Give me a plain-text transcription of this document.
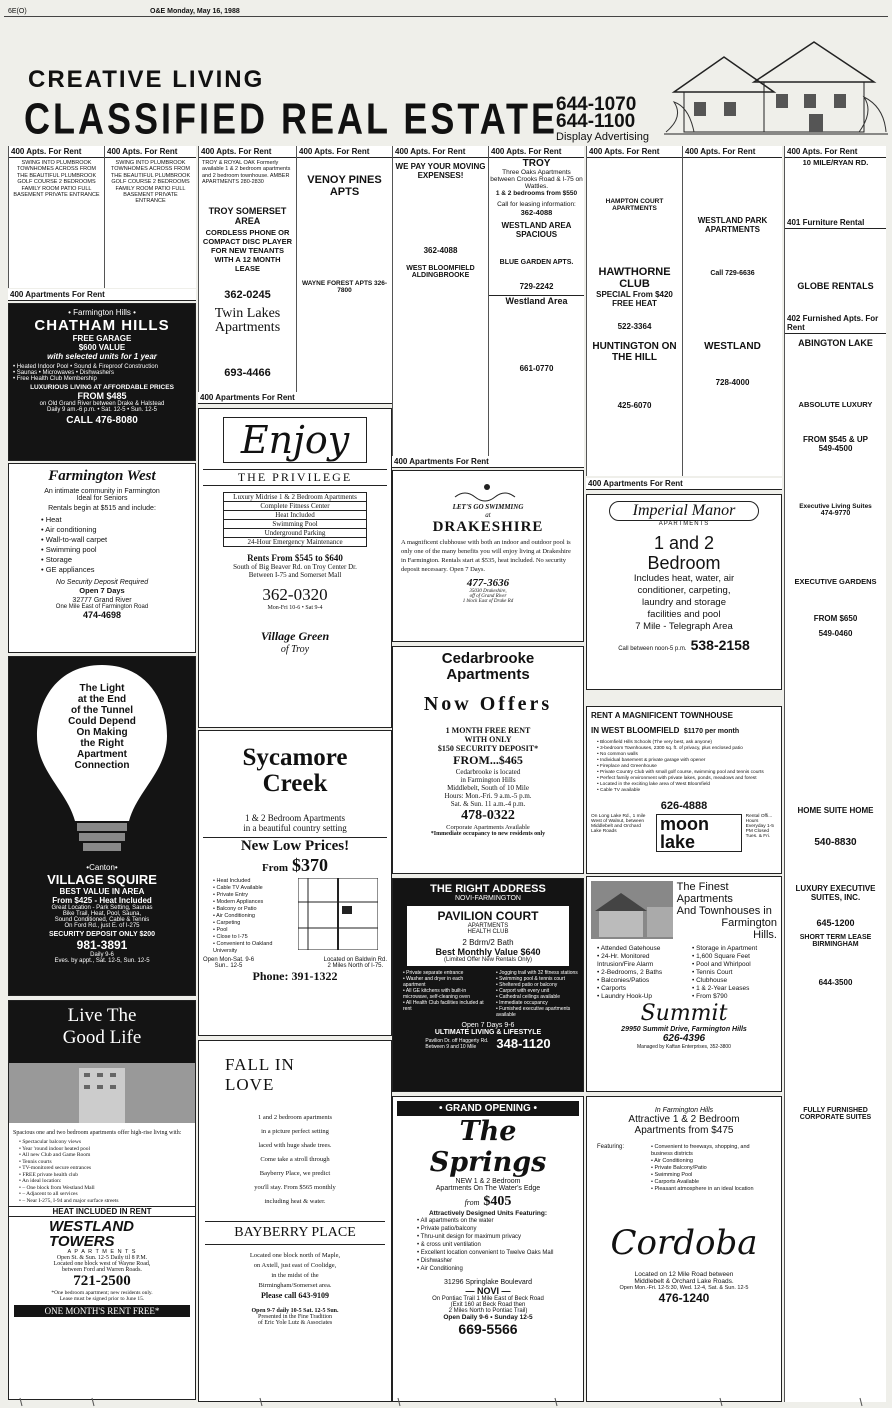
6E(O)	O&E Monday, May 16, 1988
CREATIVE LIVING
CLASSIFIED REAL ESTATE
644-1070
644-1100
Display Advertising
400 Apts. For Rent
SWING INTO PLUMBROOK TOWNHOMES ACROSS FROM THE BEAUTIFUL PLUMBROOK GOLF COURSE 2 BEDROOMS FAMILY ROOM PATIO FULL BASEMENT PRIVATE ENTRANCE
400 Apts. For Rent
SWING INTO PLUMBROOK TOWNHOMES ACROSS FROM THE BEAUTIFUL PLUMBROOK GOLF COURSE 2 BEDROOMS FAMILY ROOM PATIO FULL BASEMENT PRIVATE ENTRANCE
400 Apartments For Rent
• Farmington Hills •
CHATHAM HILLS
FREE GARAGE
$600 VALUE
with selected units for 1 year
• Heated Indoor Pool • Sound & Fireproof Construction
• Saunas • Microwaves • Dishwashers
• Free Health Club Membership
LUXURIOUS LIVING AT AFFORDABLE PRICES
FROM $485
on Old Grand River between Drake & Halstead
Daily 9 am.-6 p.m. • Sat. 12-5 • Sun. 12-5
CALL 476-8080
Farmington West
An intimate community in Farmington
Ideal for Seniors
Rentals begin at $515 and include:
• Heat
• Air conditioning
• Wall-to-wall carpet
• Swimming pool
• Storage
• GE appliances
No Security Deposit Required
Open 7 Days
32777 Grand River
One Mile East of Farmington Road
474-4698
The Light
at the End
of the Tunnel
Could Depend
On Making
the Right
Apartment
Connection
•Canton•
VILLAGE SQUIRE
BEST VALUE IN AREA
From $425 - Heat Included
Great Location - Park Setting, Saunas
Bike Trail, Heat, Pool, Sauna,
Sound Conditioned, Cable & Tennis
On Ford Rd., just E. of I-275
SECURITY DEPOSIT ONLY $200
981-3891
Daily 9-6
Eves. by appt., Sat. 12-5, Sun. 12-5
Live The
Good Life
Spacious one and two bedroom apartments offer high-rise living with:
• Spectacular balcony views
• Year 'round indoor heated pool
• All new Club and Game Room
• Tennis courts
• TV-monitored secure entrances
• FREE private health club
• An ideal location:
• – One block from Westland Mall
• – Adjacent to all services
• – Near I-275, I-94 and major surface streets
HEAT INCLUDED IN RENT
WESTLAND
TOWERS
A P A R T M E N T S
Open St. & Sun. 12-5 Daily til 8 P.M.
Located one block west of Wayne Road,
between Ford and Warren Roads.
721-2500
*One bedroom apartment; new residents only.
Lease must be signed prior to June 15.
ONE MONTH'S RENT FREE*
400 Apts. For Rent
TROY & ROYAL OAK Formerly available 1 & 2 bedroom apartments and 2 bedroom townhouse. AMBER APARTMENTS 280-2830
TROY SOMERSET AREA
CORDLESS PHONE OR COMPACT DISC PLAYER FOR NEW TENANTS WITH A 12 MONTH LEASE
362-0245
Twin Lakes Apartments
693-4466
400 Apts. For Rent
VENOY PINES APTS
WAYNE FOREST APTS 326-7800
400 Apartments For Rent
Enjoy
THE PRIVILEGE
Luxury Midrise 1 & 2 Bedroom Apartments
Complete Fitness Center
Heat Included
Swimming Pool
Underground Parking
24-Hour Emergency Maintenance
Rents From $545 to $640
South of Big Beaver Rd. on Troy Center Dr.
Between I-75 and Somerset Mall
362-0320
Mon-Fri 10-6 • Sat 9-4
Village Green
of Troy
Sycamore
Creek
1 & 2 Bedroom Apartments
in a beautiful country setting
New Low Prices!
From $370
• Heat Included
• Cable TV Available
• Private Entry
• Modern Appliances
• Balcony or Patio
• Air Conditioning
• Carpeting
• Pool
• Close to I-75
• Convenient to Oakland University
Open Mon-Sat. 9-6
Sun.. 12-5
Located on Baldwin Rd.
2 Miles North of I-75.
Phone: 391-1322
FALL IN
LOVE
1 and 2 bedroom apartments
in a picture perfect setting
laced with huge shade trees.
Come take a stroll through
Bayberry Place, we predict
you'll stay. From $565 monthly
including heat & water.
BAYBERRY PLACE
Located one block north of Maple,
on Axtell, just east of Coolidge,
in the midst of the
Birmingham/Somerset area.
Please call 643-9109
Open 9-7 daily 10-5 Sat. 12-5 Sun.
Presented in the Fine Tradition
of Eric Yole Lutz & Associates
400 Apts. For Rent
WE PAY YOUR MOVING EXPENSES!
362-4088
WEST BLOOMFIELD ALDINGBROOKE
400 Apts. For Rent
TROY
Three Oaks Apartments between Crooks Road & I-75 on Wattles.
1 & 2 bedrooms from $550
Call for leasing information:
362-4088
WESTLAND AREA SPACIOUS
BLUE GARDEN APTS.
729-2242
Westland Area
661-0770
400 Apartments For Rent
LET'S GO SWIMMING
at
DRAKESHIRE
A magnificent clubhouse with both an indoor and outdoor pool is only one of the many benefits you will enjoy living at Drakeshire in Farmington. Rentals start at $535, heat included. No security deposit necessary. Open 7 Days.
477-3636
35030 Drakeshire,
off of Grand River
1 block East of Drake Rd
Cedarbrooke
Apartments
Now Offers
1 MONTH FREE RENT
WITH ONLY
$150 SECURITY DEPOSIT*
FROM...$465
Cedarbrooke is located
in Farmington Hills
Middlebelt, South of 10 Mile
Hours: Mon.-Fri. 9 a.m.-5 p.m.
Sat. & Sun. 11 a.m.-4 p.m.
478-0322
Corporate Apartments Available
*Immediate occupancy to new residents only
THE RIGHT ADDRESS
NOVI-FARMINGTON
PAVILION COURT
APARTMENTS
HEALTH CLUB
2 Bdrm/2 Bath
Best Monthly Value $640
(Limited Offer New Rentals Only)
• Private separate entrance
• Washer and dryer in each apartment
• All GE kitchens with built-in microwave, self-cleaning oven
• All Health Club facilities included at rent
• Jogging trail with 32 fitness stations
• Swimming pool & tennis court
• Sheltered patio or balcony
• Carport with every unit
• Cathedral ceilings available
• Immediate occupancy
• Furnished executive apartments available
Open 7 Days 9-6
ULTIMATE LIVING & LIFESTYLE
Pavilion Dr. off Haggerty Rd.
Between 9 and 10 Mile	348-1120
• GRAND OPENING •
The Springs
NEW 1 & 2 Bedroom
Apartments On The Water's Edge
from $405
Attractively Designed Units Featuring:
• All apartments on the water
• Private patio/balcony
• Thru-unit design for maximum privacy
• & cross unit ventilation
• Excellent location convenient to Twelve Oaks Mall
• Dishwasher
• Air Conditioning
31296 Springlake Boulevard
— NOVI —
On Pontiac Trail 1 Mile East of Beck Road
(Exit 160 at Beck Road then
2 Miles North to Pontiac Trail)
Open Daily 9-6 • Sunday 12-5
669-5566
400 Apts. For Rent
HAMPTON COURT APARTMENTS
HAWTHORNE CLUB
SPECIAL From $420 FREE HEAT
522-3364
HUNTINGTON ON THE HILL
425-6070
400 Apts. For Rent
WESTLAND PARK APARTMENTS
Call 729-6636
WESTLAND
728-4000
400 Apartments For Rent
Imperial Manor
APARTMENTS
1 and 2
Bedroom
Includes heat, water, air
conditioner, carpeting,
laundry and storage
facilities and pool
7 Mile - Telegraph Area
Call between noon-5 p.m. 538-2158
RENT A MAGNIFICENT TOWNHOUSE
IN WEST BLOOMFIELD $1170 per month
• Bloomfield Hills Schools (The very best, ask anyone)
• 3-bedroom Townhouses, 2300 sq. ft. of privacy, plus enclosed patio
• No common walls
• Individual basement & private garage with opener
• Fireplace and Greenhouse
• Private Country Club with small golf course, swimming pool and tennis courts
• Perfect family environment with private lakes, ponds, meadows and forest
• Located in the exciting lake area of West Bloomfield
• Cable TV available
626-4888
On Long Lake Rd., 1 mile West of Walnut, between Middlebelt and Orchard Lake Roads	moon lake
Rental Offi... Hours Everyday 1-5 PM Closed Tues. & Fri.
The Finest Apartments
And Townhouses in
Farmington
Hills.
• Attended Gatehouse
• 24-Hr. Monitored Intrusion/Fire Alarm
• 2-Bedrooms, 2 Baths
• Balconies/Patios
• Carports
• Laundry Hook-Up
• Storage in Apartment
• 1,600 Square Feet
• Pool and Whirlpool
• Tennis Court
• Clubhouse
• 1 & 2-Year Leases
• From $790
Summit
29950 Summit Drive, Farmington Hills
626-4396
Managed by Kaftan Enterprises, 352-3800
In Farmington Hills
Attractive 1 & 2 Bedroom
Apartments from $475
Featuring:
•	Convenient to freeways, shopping, and business districts
• Air Conditioning
• Private Balcony/Patio
• Swimming Pool
• Carports Available
• Pleasant atmosphere in an ideal location
Cordoba
Located on 12 Mile Road between
Middlebelt & Orchard Lake Roads.
Open Mon.-Fri. 12-5:30, Wed. 12-4, Sat. & Sun. 12-5
476-1240
400 Apts. For Rent
10 MILE/RYAN RD.
401 Furniture Rental
GLOBE RENTALS
402 Furnished Apts. For Rent
ABINGTON LAKE
ABSOLUTE LUXURY
FROM $545 & UP
549-4500
Executive Living Suites
474-9770
EXECUTIVE GARDENS
FROM $650
549-0460
HOME SUITE HOME
540-8830
LUXURY EXECUTIVE SUITES, INC.
645-1200
SHORT TERM LEASE BIRMINGHAM
644-3500
FULLY FURNISHED CORPORATE SUITES
